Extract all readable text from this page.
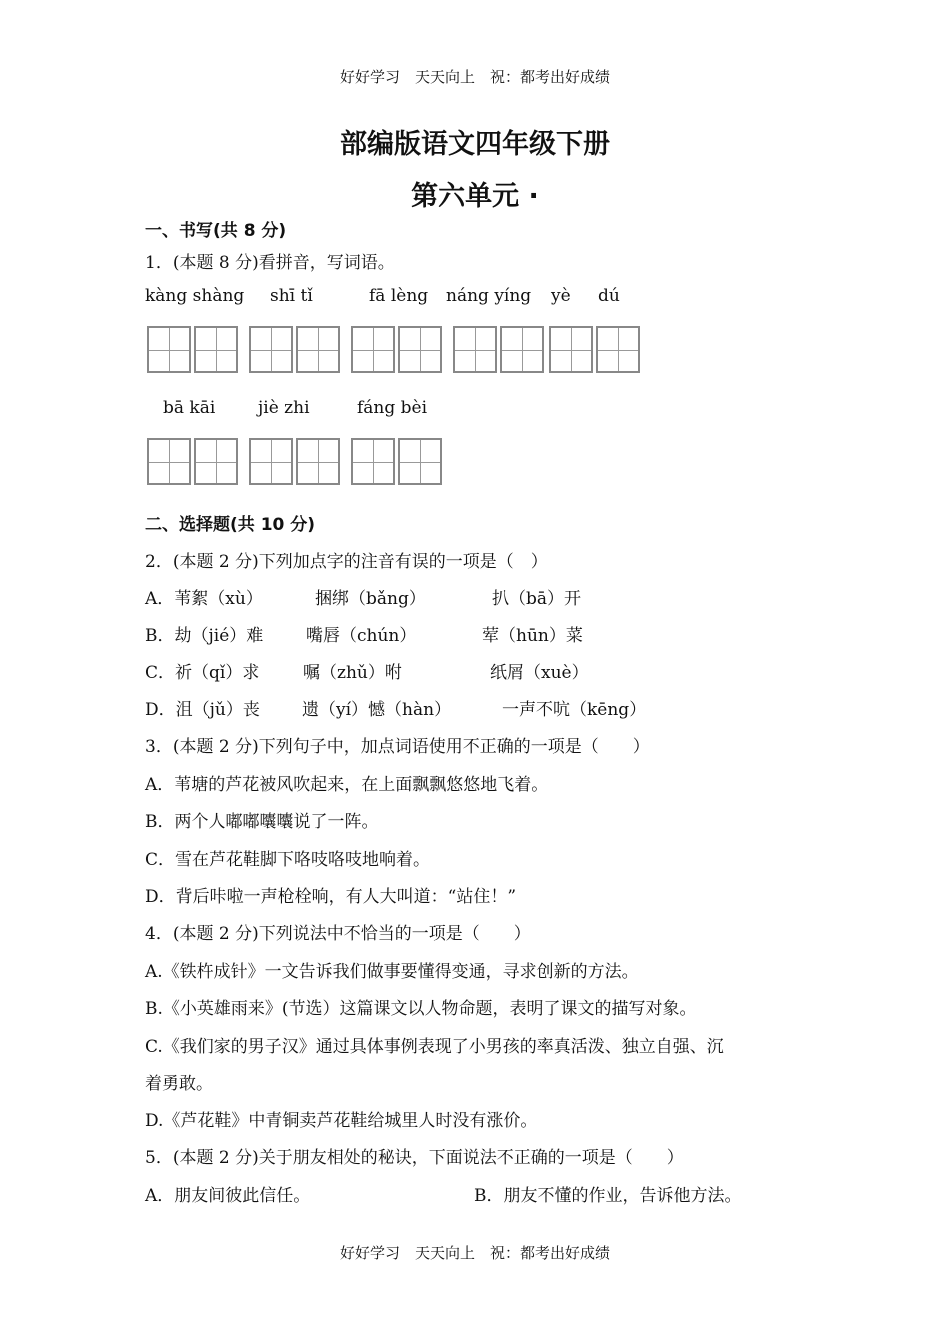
好好学习　天天向上　祝：都考出好成绩
部编版语文四年级下册
第六单元 ·
一、书写(共 8 分)
1．(本题 8 分)看拼音，写词语。
kàng shàng shī tǐ	fā lèng náng yíng yè dú
bā kāi	jiè zhi	fáng bèi
二、选择题(共 10 分)
2．(本题 2 分)下列加点字的注音有误的一项是（　）
A．苇絮（xù）	捆绑（bǎng）	扒（bā）开
B．劫（jié）难	嘴唇（chún）	荤（hūn）菜
C．祈（qǐ）求	嘱（zhǔ）咐	纸屑（xuè）
D．沮（jǔ）丧 遗（yí）憾（hàn）	一声不吭（kēng）
3．(本题 2 分)下列句子中，加点词语使用不正确的一项是（　　）
A．苇塘的芦花被风吹起来，在上面飘飘悠悠地飞着。
B．两个人嘟嘟囔囔说了一阵。
C．雪在芦花鞋脚下咯吱咯吱地响着。
D．背后咔啦一声枪栓响，有人大叫道：“站住！”
4．(本题 2 分)下列说法中不恰当的一项是（　　）
A.《铁杵成针》一文告诉我们做事要懂得变通，寻求创新的方法。
B.《小英雄雨来》(节选）这篇课文以人物命题，表明了课文的描写对象。
C.《我们家的男子汉》通过具体事例表现了小男孩的率真活泼、独立自强、沉
着勇敢。
D.《芦花鞋》中青铜卖芦花鞋给城里人时没有涨价。
5．(本题 2 分)关于朋友相处的秘诀，下面说法不正确的一项是（　　）
A．朋友间彼此信任。	B．朋友不懂的作业，告诉他方法。
好好学习　天天向上　祝：都考出好成绩
